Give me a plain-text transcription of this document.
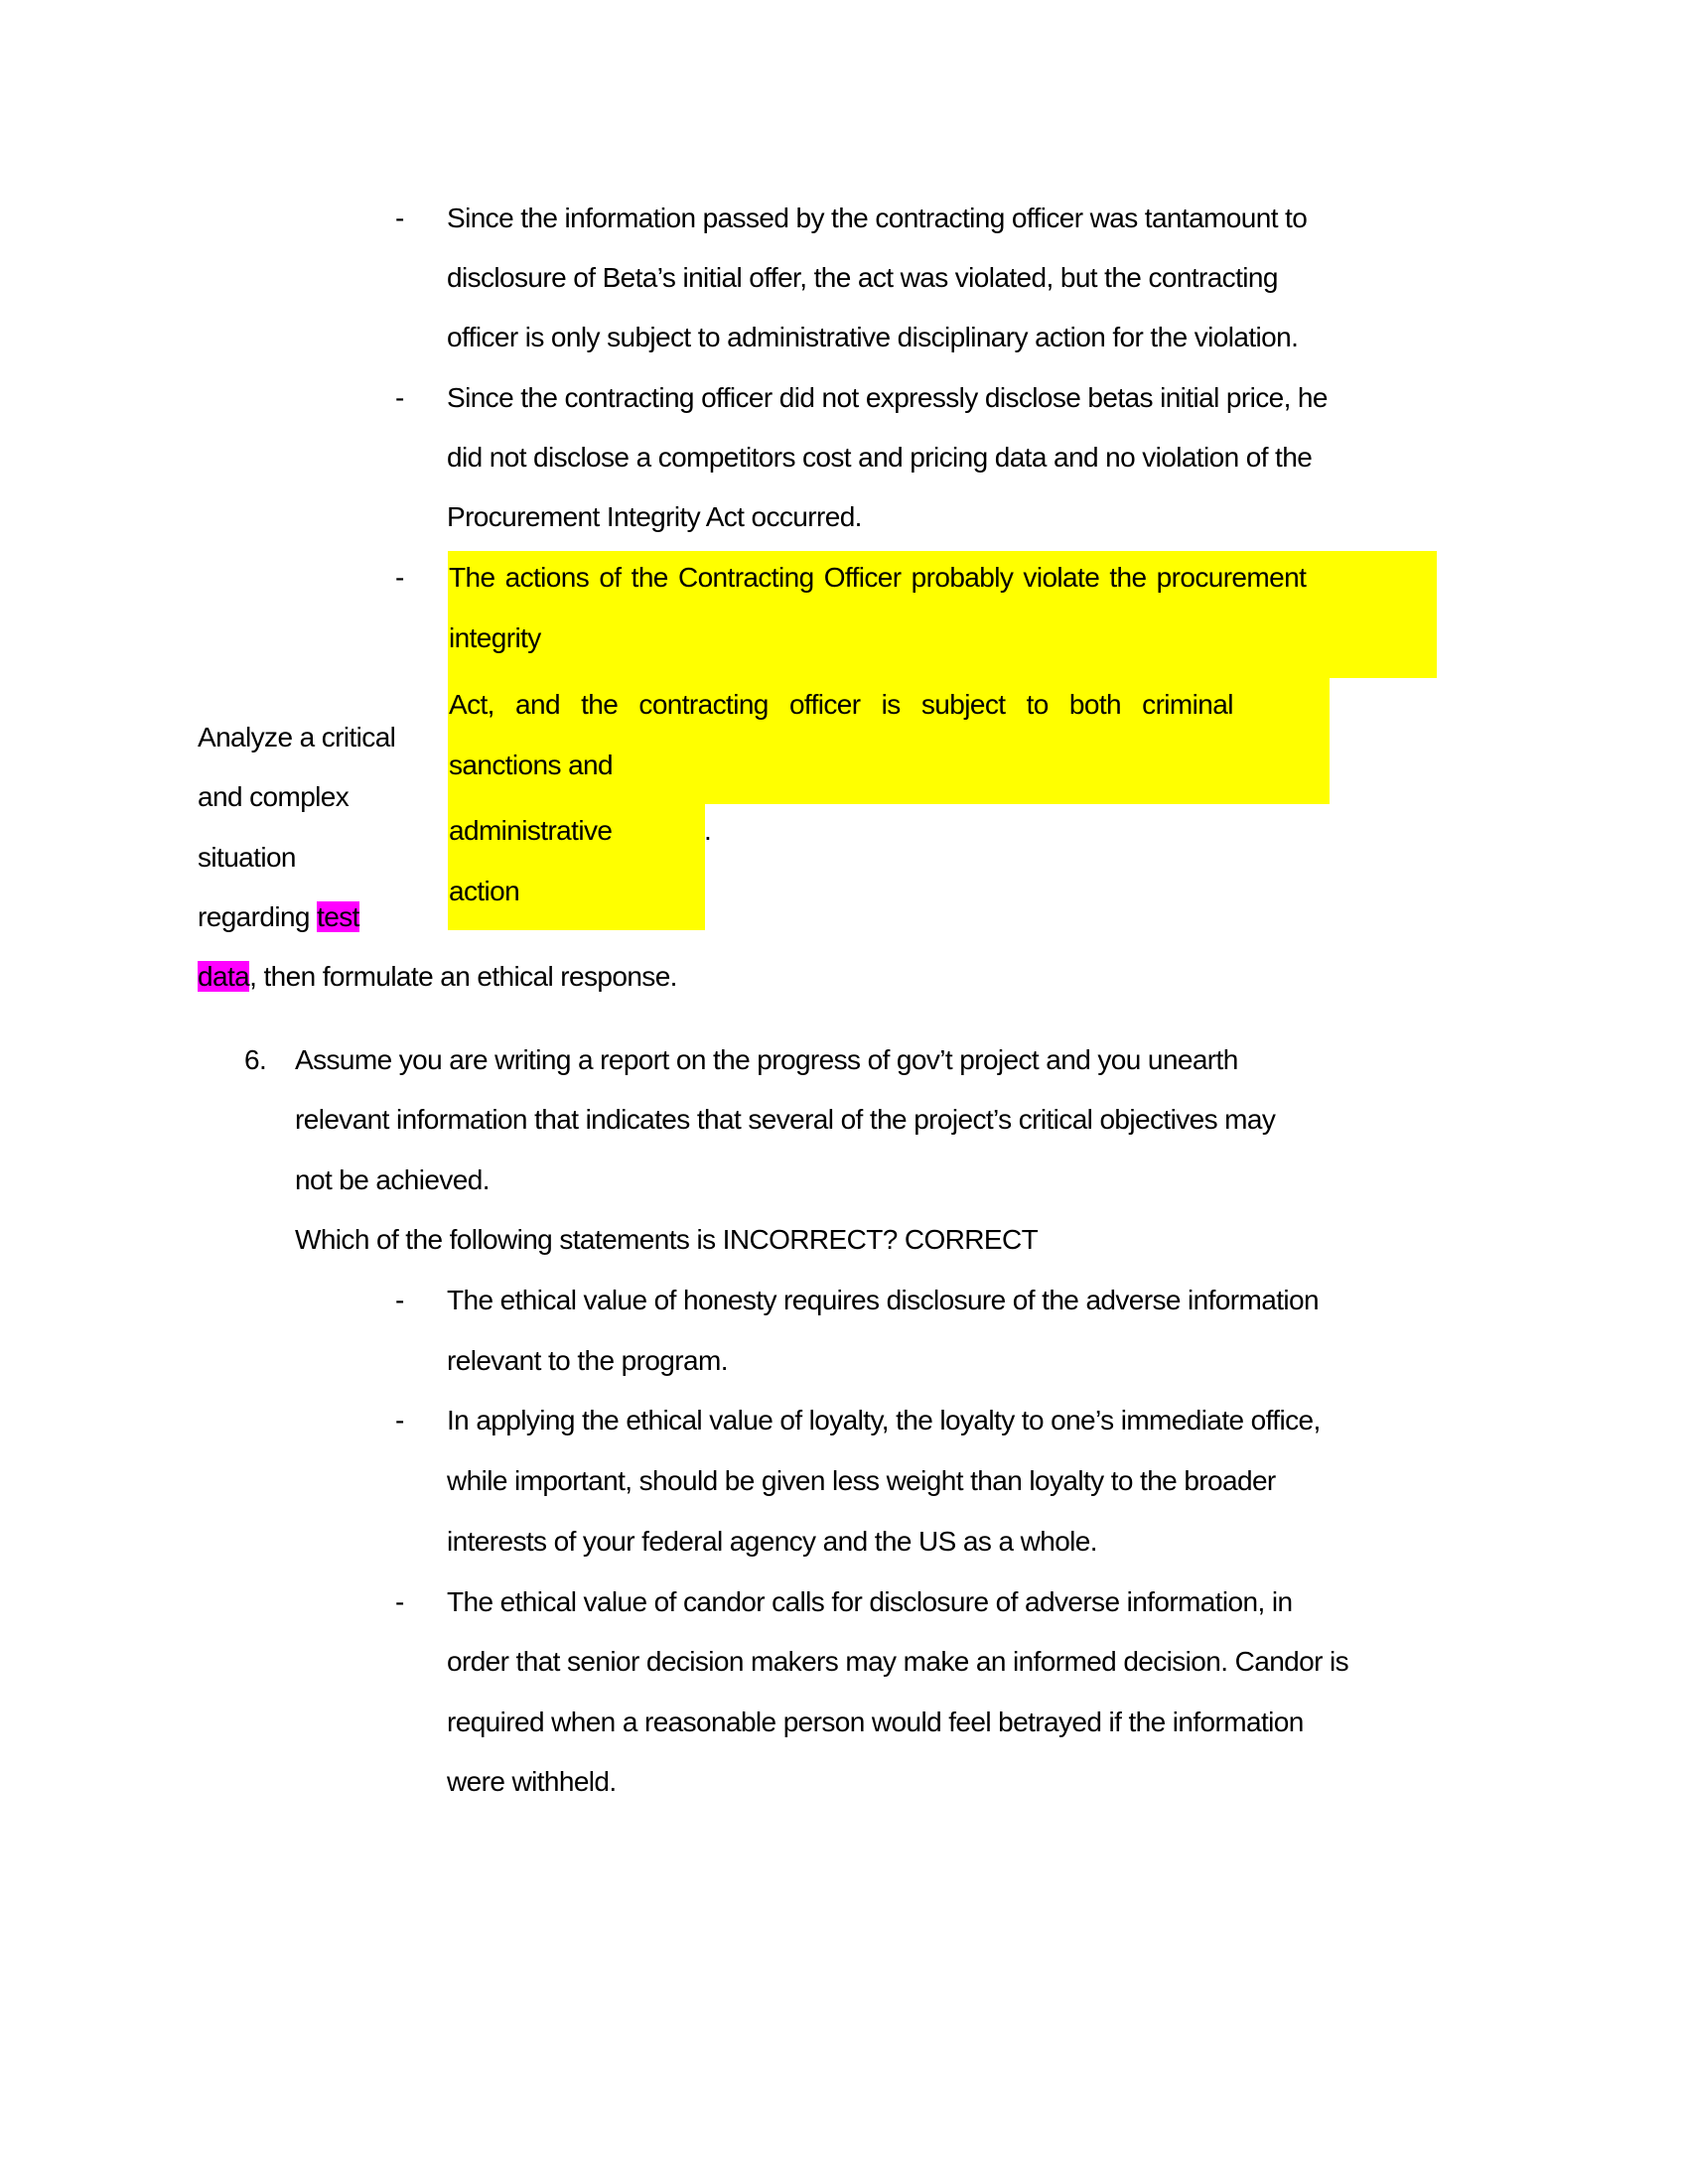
- Since the information passed by the contracting officer was tantamount to
disclosure of Beta’s initial offer, the act was violated, but the contracting
officer is only subject to administrative disciplinary action for the violation.
- Since the contracting officer did not expressly disclose betas initial price, he
did not disclose a competitors cost and pricing data and no violation of the
Procurement Integrity Act occurred.
- The actions of the Contracting Officer probably violate the procurement
integrity
Act, and the contracting officer is subject to both criminal
sanctions and
administrative	.
action
Analyze a critical
and complex
situation
regarding test
data, then formulate an ethical response.
6. Assume you are writing a report on the progress of gov’t project and you unearth
relevant information that indicates that several of the project’s critical objectives may
not be achieved.
Which of the following statements is INCORRECT? CORRECT
- The ethical value of honesty requires disclosure of the adverse information
relevant to the program.
- In applying the ethical value of loyalty, the loyalty to one’s immediate office,
while important, should be given less weight than loyalty to the broader
interests of your federal agency and the US as a whole.
- The ethical value of candor calls for disclosure of adverse information, in
order that senior decision makers may make an informed decision. Candor is
required when a reasonable person would feel betrayed if the information
were withheld.
